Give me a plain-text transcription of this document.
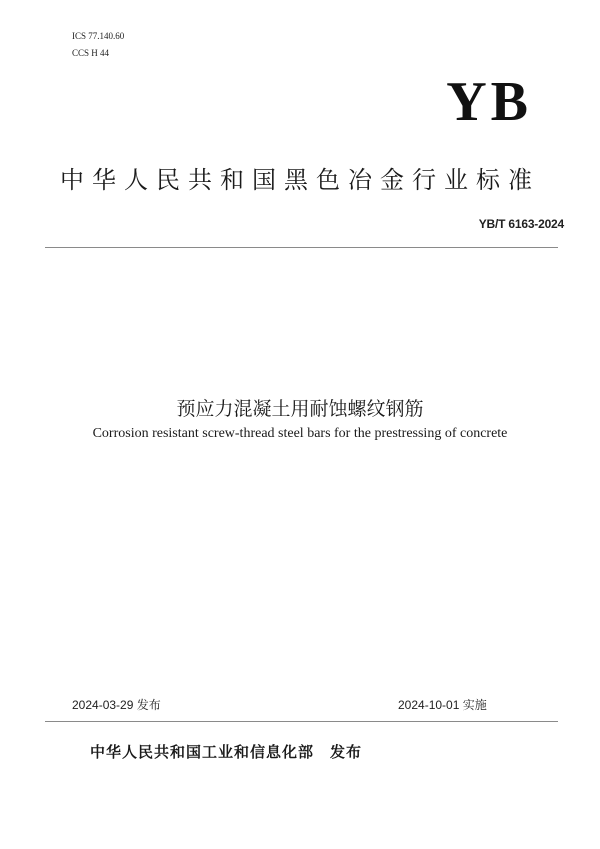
ICS 77.140.60
CCS H 44
YB
中华人民共和国黑色冶金行业标准
YB/T 6163-2024
预应力混凝土用耐蚀螺纹钢筋
Corrosion resistant screw-thread steel bars for the prestressing of concrete
2024-03-29 发布	2024-10-01 实施
中华人民共和国工业和信息化部 发布
